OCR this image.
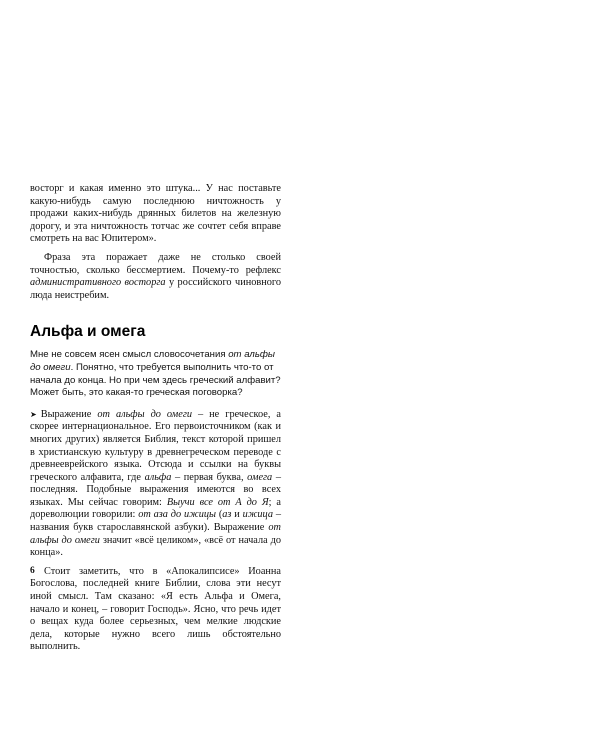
восторг и какая именно это штука... У нас поставьте какую-нибудь самую последнюю ничтожность у продажи каких-нибудь дрянных билетов на железную дорогу, и эта ничтожность тотчас же сочтет себя вправе смотреть на вас Юпитером».

Фраза эта поражает даже не столько своей точностью, сколько бессмертием. Почему-то рефлекс административного восторга у российского чиновного люда неистребим.

Альфа и омега

Мне не совсем ясен смысл словосочетания от альфы до омеги. Понятно, что требуется выполнить что-то от начала до конца. Но при чем здесь греческий алфавит? Может быть, это какая-то греческая поговорка?

➤ Выражение от альфы до омеги – не греческое, а скорее интернациональное. Его первоисточником (как и многих других) является Библия, текст которой пришел в христианскую культуру в древнегреческом переводе с древнееврейского языка. Отсюда и ссылки на буквы греческого алфавита, где альфа – первая буква, омега – последняя. Подобные выражения имеются во всех языках. Мы сейчас говорим: Выучи все от А до Я; а дореволюции говорили: от аза до ижицы (аз и ижица – названия букв старославянской азбуки). Выражение от альфы до омеги значит «всё целиком», «всё от начала до конца».

Стоит заметить, что в «Апокалипсисе» Иоанна Богослова, последней книге Библии, слова эти несут иной смысл. Там сказано: «Я есть Альфа и Омега, начало и конец, – говорит Господь». Ясно, что речь идет о вещах куда более серьезных, чем мелкие людские дела, которые нужно всего лишь обстоятельно выполнить.

6
